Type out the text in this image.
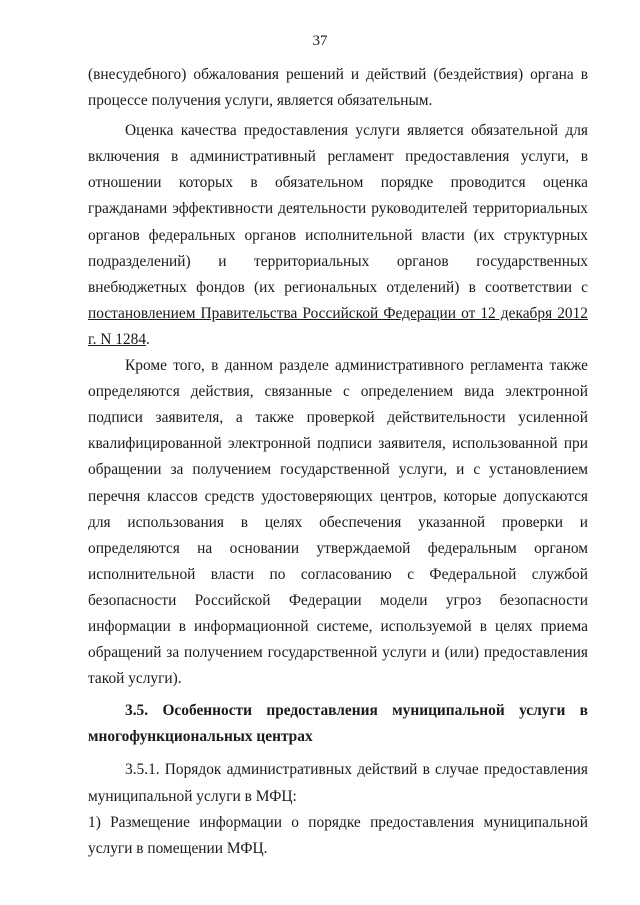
37

(внесудебного) обжалования решений и действий (бездействия) органа в процессе получения услуги, является обязательным.

Оценка качества предоставления услуги является обязательной для включения в административный регламент предоставления услуги, в отношении которых в обязательном порядке проводится оценка гражданами эффективности деятельности руководителей территориальных органов федеральных органов исполнительной власти (их структурных подразделений) и территориальных органов государственных внебюджетных фондов (их региональных отделений) в соответствии с постановлением Правительства Российской Федерации от 12 декабря 2012 г. N 1284.

Кроме того, в данном разделе административного регламента также определяются действия, связанные с определением вида электронной подписи заявителя, а также проверкой действительности усиленной квалифицированной электронной подписи заявителя, использованной при обращении за получением государственной услуги, и с установлением перечня классов средств удостоверяющих центров, которые допускаются для использования в целях обеспечения указанной проверки и определяются на основании утверждаемой федеральным органом исполнительной власти по согласованию с Федеральной службой безопасности Российской Федерации модели угроз безопасности информации в информационной системе, используемой в целях приема обращений за получением государственной услуги и (или) предоставления такой услуги).

3.5. Особенности предоставления муниципальной услуги в многофункциональных центрах

3.5.1. Порядок административных действий в случае предоставления муниципальной услуги в МФЦ:

1) Размещение информации о порядке предоставления муниципальной услуги в помещении МФЦ.
